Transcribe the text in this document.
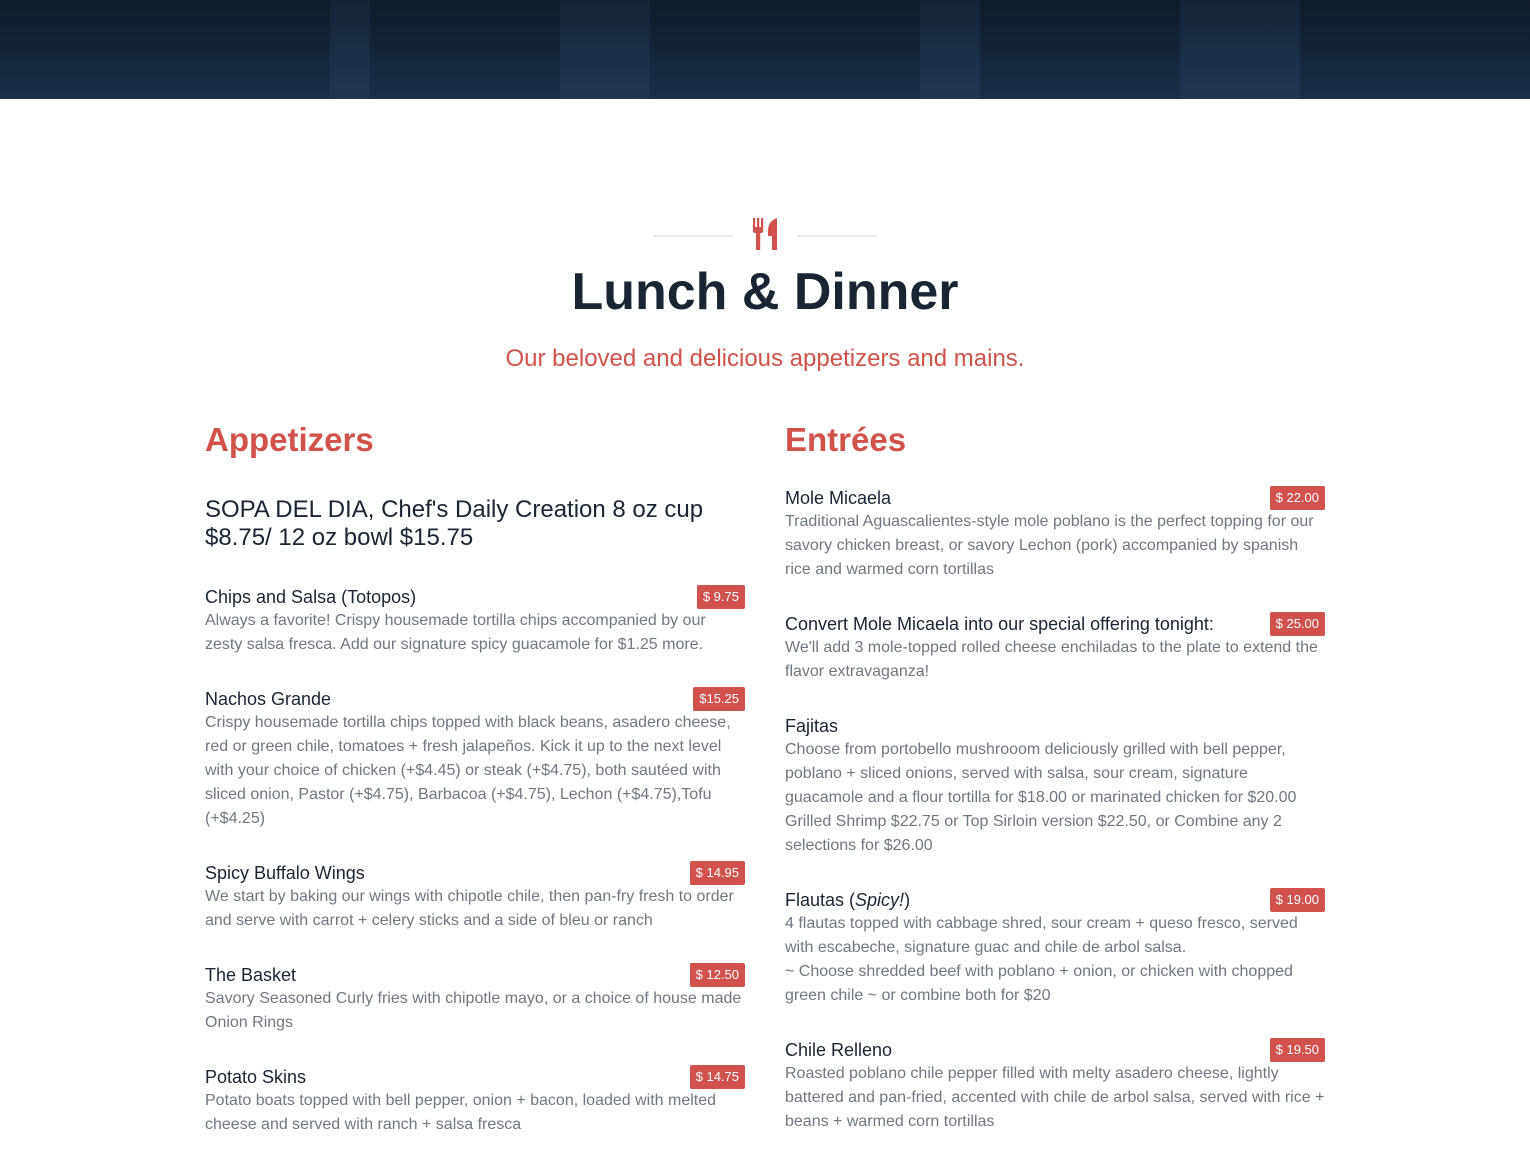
Lunch & Dinner

Our beloved and delicious appetizers and mains.

Appetizers
SOPA DEL DIA, Chef's Daily Creation 8 oz cup $8.75/ 12 oz bowl $15.75
Chips and Salsa (Totopos)	$ 9.75

Always a favorite! Crispy housemade tortilla chips accompanied by our zesty salsa fresca. Add our signature spicy guacamole for $1.25 more.

Nachos Grande	$15.25

Crispy housemade tortilla chips topped with black beans, asadero cheese, red or green chile, tomatoes + fresh jalapeños. Kick it up to the next level with your choice of chicken (+$4.45) or steak (+$4.75), both sautéed with sliced onion, Pastor (+$4.75), Barbacoa (+$4.75), Lechon (+$4.75),Tofu (+$4.25)

Spicy Buffalo Wings	$ 14.95

We start by baking our wings with chipotle chile, then pan-fry fresh to order and serve with carrot + celery sticks and a side of bleu or ranch

The Basket	$ 12.50

Savory Seasoned Curly fries with chipotle mayo, or a choice of house made Onion Rings

Potato Skins	$ 14.75

Potato boats topped with bell pepper, onion + bacon, loaded with melted cheese and served with ranch + salsa fresca

Entrées
Mole Micaela	$ 22.00

Traditional Aguascalientes-style mole poblano is the perfect topping for our savory chicken breast, or savory Lechon (pork) accompanied by spanish rice and warmed corn tortillas

Convert Mole Micaela into our special offering tonight:	$ 25.00

We'll add 3 mole-topped rolled cheese enchiladas to the plate to extend the flavor extravaganza!

Fajitas

Choose from portobello mushrooom deliciously grilled with bell pepper, poblano + sliced onions, served with salsa, sour cream, signature guacamole and a flour tortilla for $18.00 or marinated chicken for $20.00 Grilled Shrimp $22.75 or Top Sirloin version $22.50, or Combine any 2 selections for $26.00

Flautas (Spicy!)	$ 19.00

4 flautas topped with cabbage shred, sour cream + queso fresco, served with escabeche, signature guac and chile de arbol salsa.

~ Choose shredded beef with poblano + onion, or chicken with chopped green chile ~ or combine both for $20

Chile Relleno	$ 19.50

Roasted poblano chile pepper filled with melty asadero cheese, lightly battered and pan-fried, accented with chile de arbol salsa, served with rice + beans + warmed corn tortillas
